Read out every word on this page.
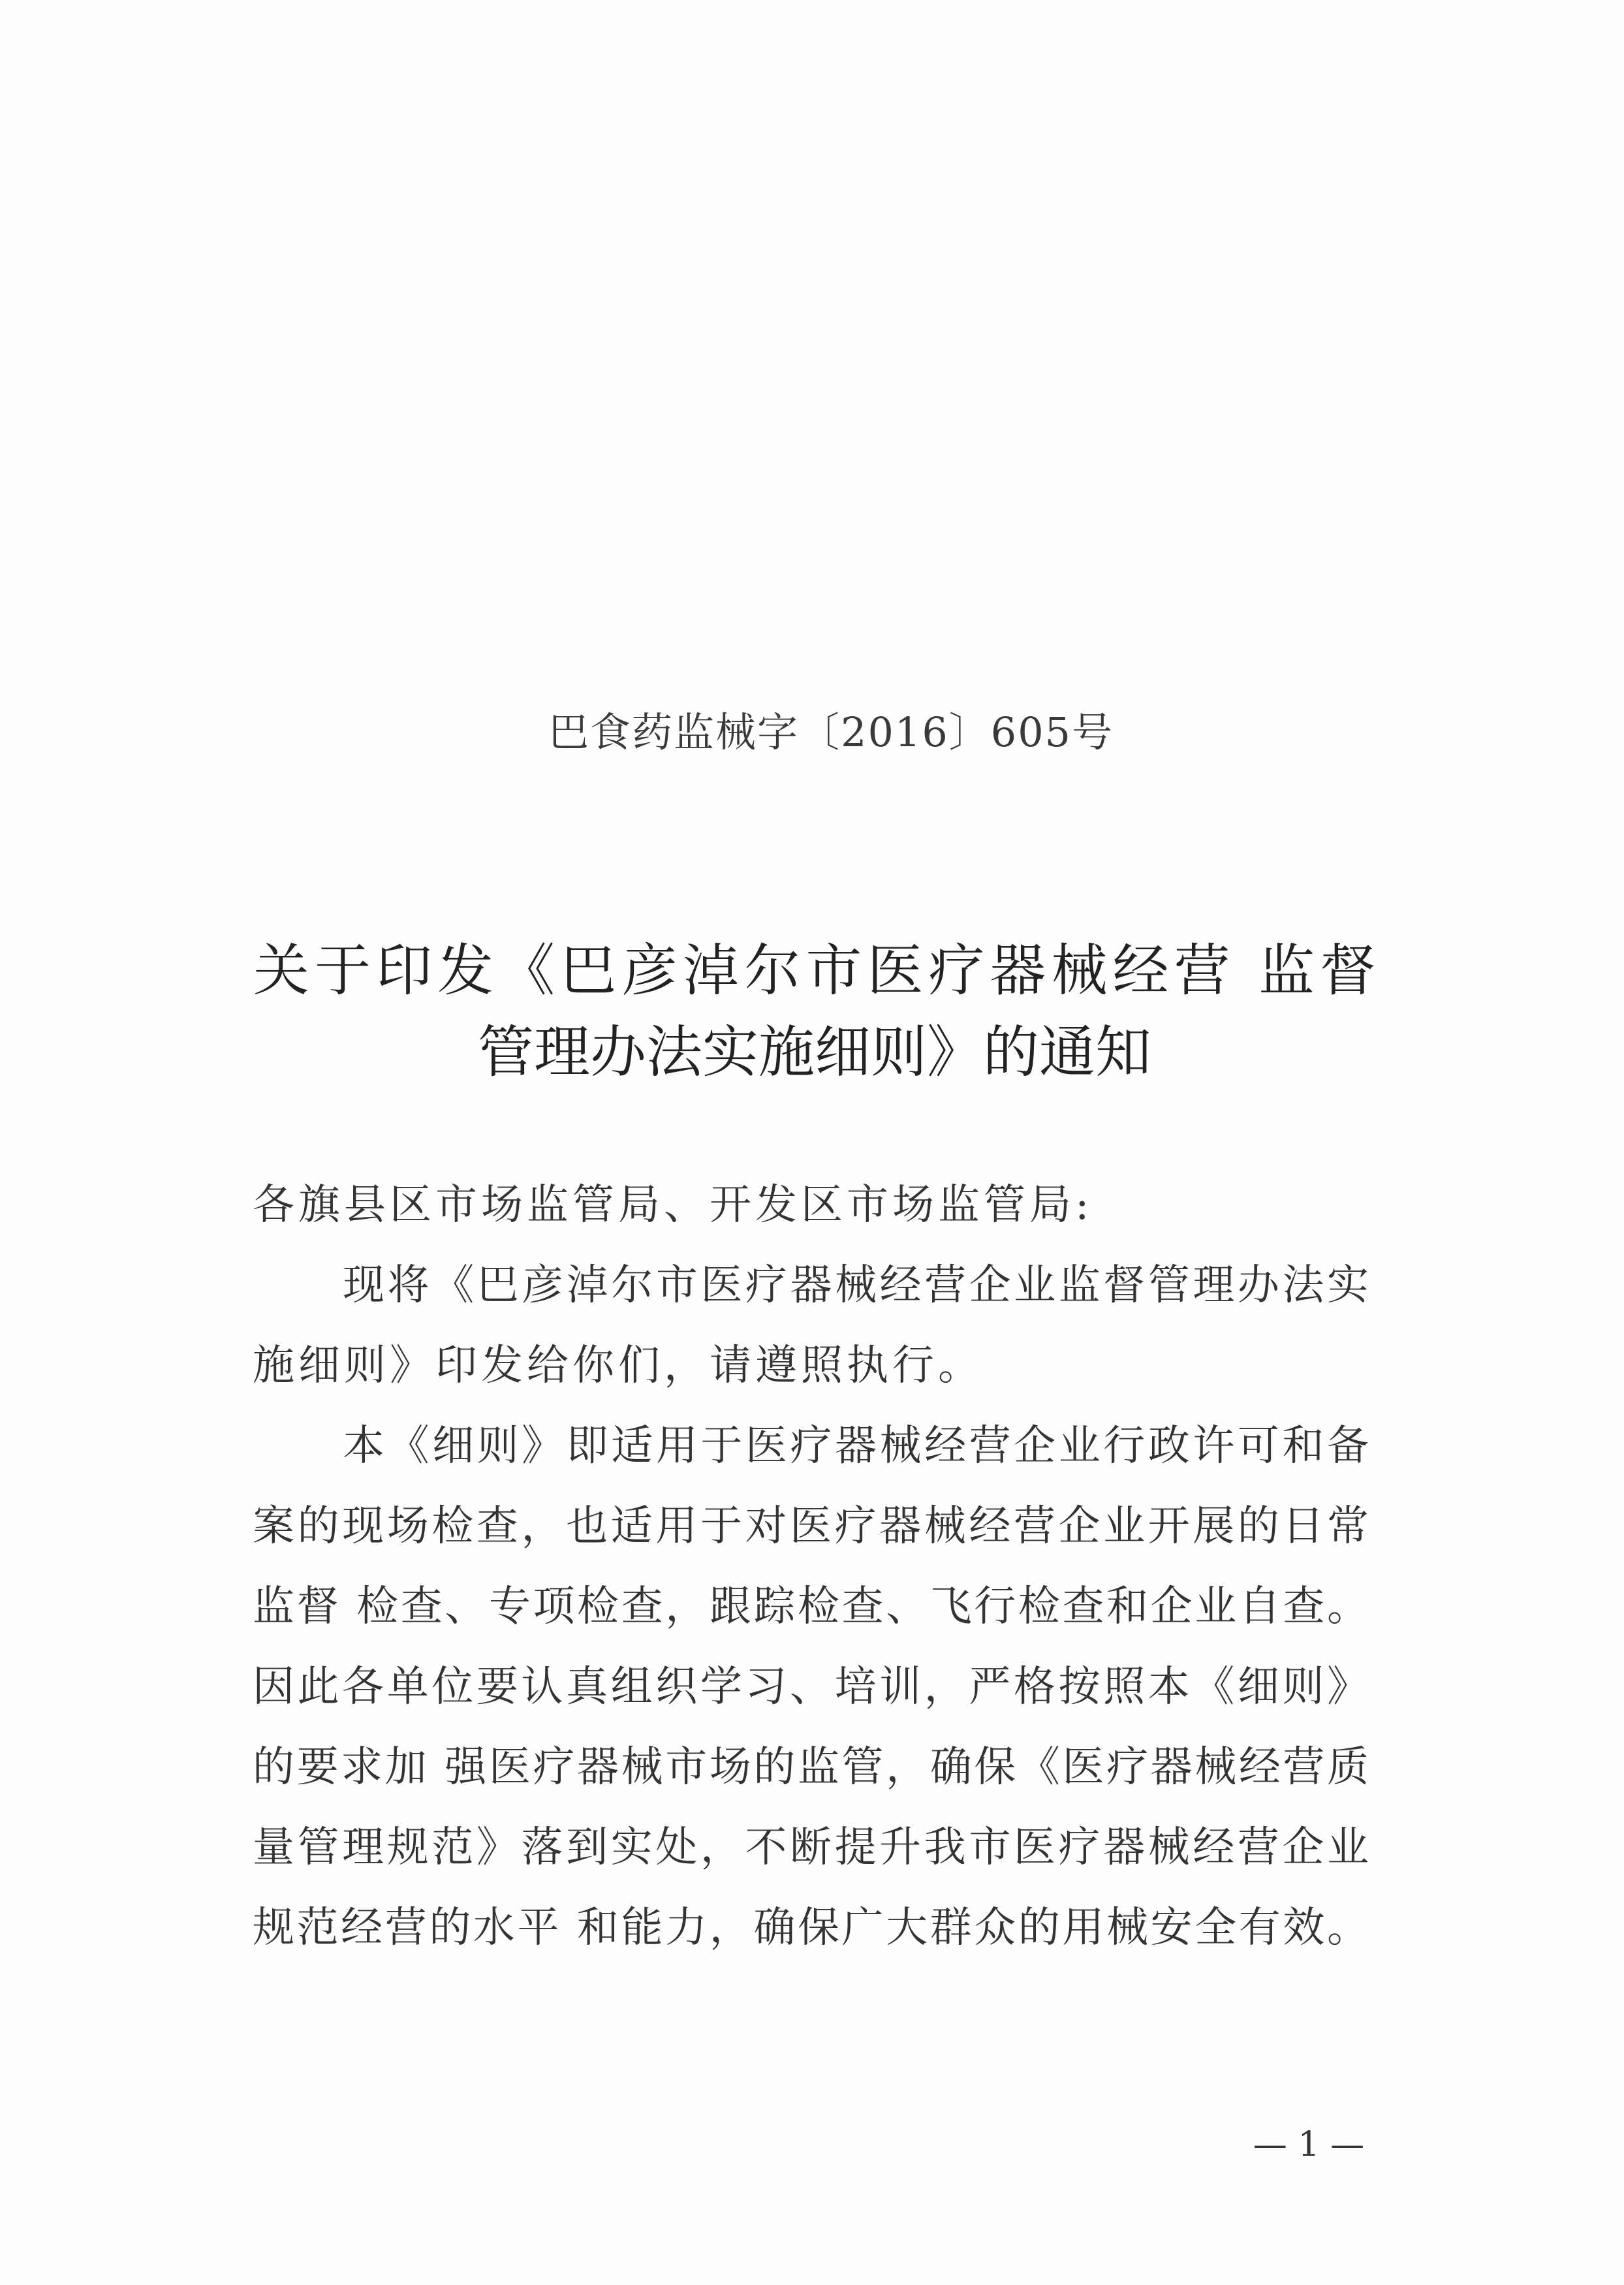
巴食药监械字〔2016〕605号
关于印发《巴彦淖尔市医疗器械经营 监督
管理办法实施细则》的通知
各旗县区市场监管局、开发区市场监管局:
现将《巴彦淖尔市医疗器械经营企业监督管理办法实
施细则》印发给你们，请遵照执行。
本《细则》即适用于医疗器械经营企业行政许可和备
案的现场检查，也适用于对医疗器械经营企业开展的日常
监督 检查、专项检查，跟踪检查、飞行检查和企业自查。
因此各单位要认真组织学习、培训，严格按照本《细则》
的要求加 强医疗器械市场的监管，确保《医疗器械经营质
量管理规范》落到实处，不断提升我市医疗器械经营企业
规范经营的水平 和能力，确保广大群众的用械安全有效。
— 1 —
